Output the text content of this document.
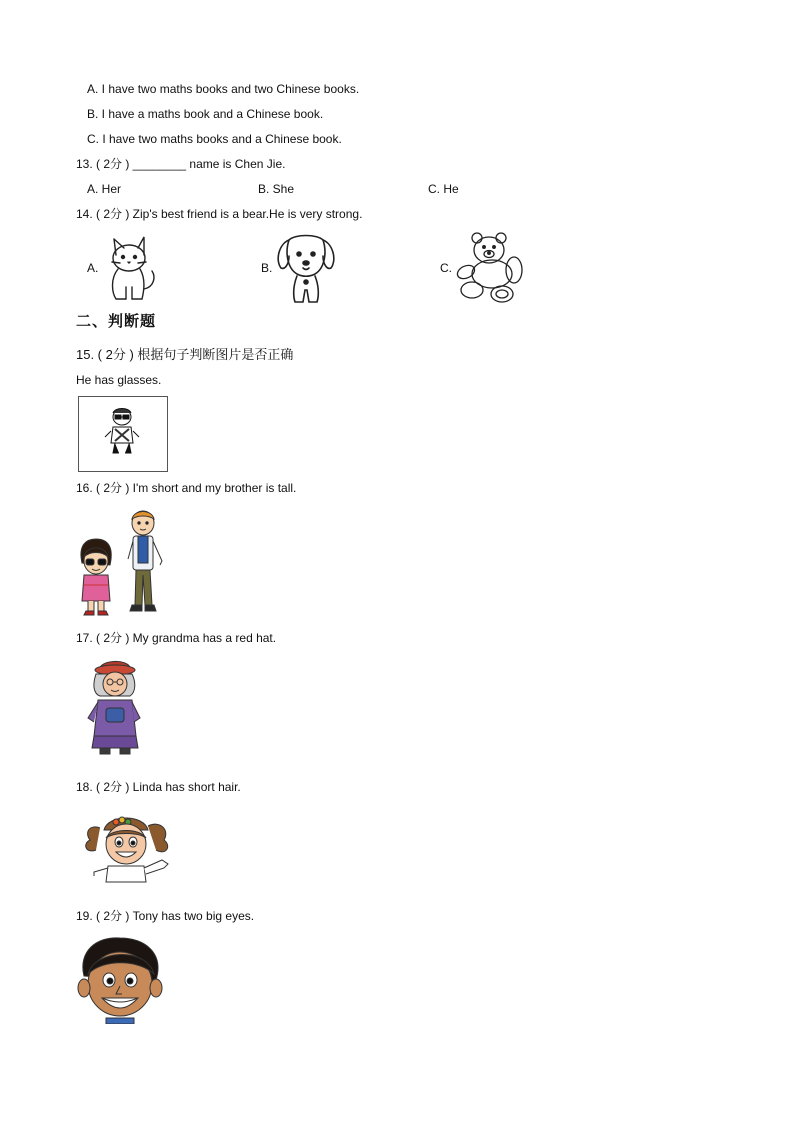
A. I have two maths books and two Chinese books.
B. I have a maths book and a Chinese book.
C. I have two maths books and a Chinese book.
13. ( 2分 ) ________ name is Chen Jie.
A. Her	B. She	C. He
14. ( 2分 ) Zip's best friend is a bear.He is very strong.
A.	B.	C.
二、判断题
15. ( 2分 ) 根据句子判断图片是否正确
He has glasses.
16. ( 2分 ) I'm short and my brother is tall.
17. ( 2分 ) My grandma has a red hat.
18. ( 2分 ) Linda has short hair.
19. ( 2分 ) Tony has two big eyes.
